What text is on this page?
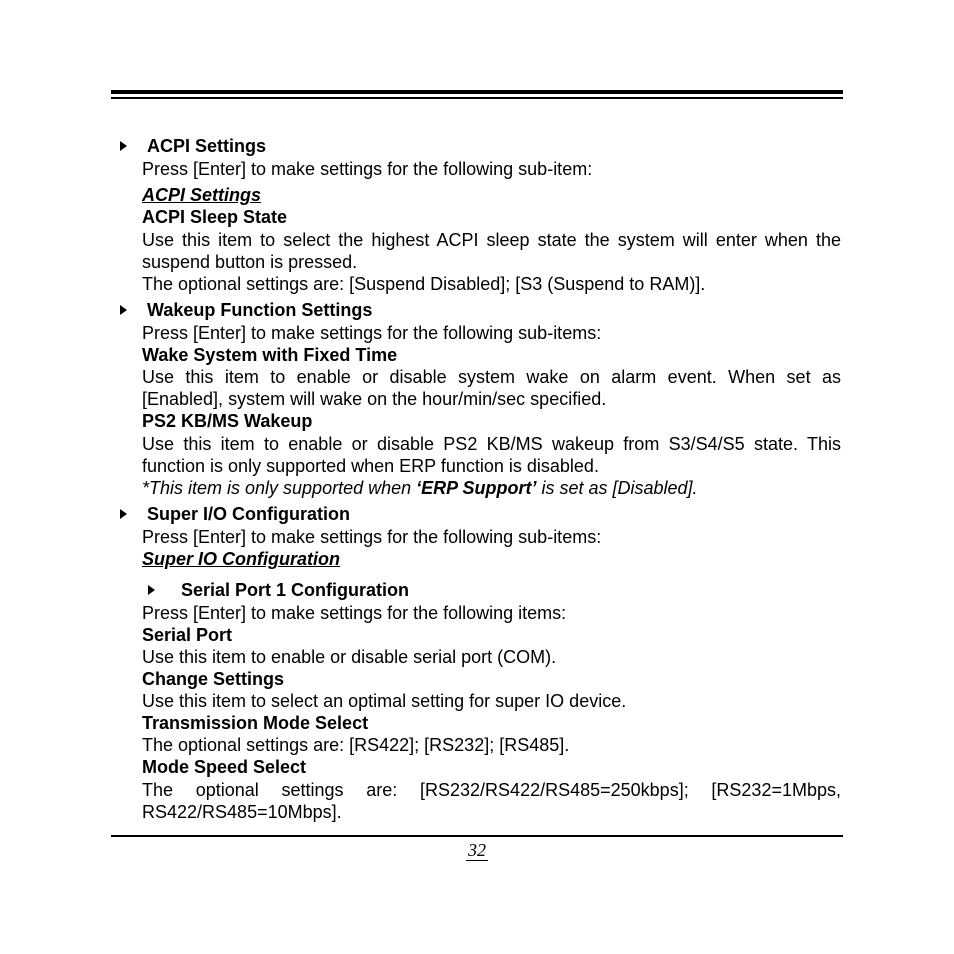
ACPI Settings
Press [Enter] to make settings for the following sub-item:
ACPI Settings
ACPI Sleep State
Use this item to select the highest ACPI sleep state the system will enter when the
suspend button is pressed.
The optional settings are: [Suspend Disabled]; [S3 (Suspend to RAM)].
Wakeup Function Settings
Press [Enter] to make settings for the following sub-items:
Wake System with Fixed Time
Use this item to enable or disable system wake on alarm event. When set as
[Enabled], system will wake on the hour/min/sec specified.
PS2 KB/MS Wakeup
Use this item to enable or disable PS2 KB/MS wakeup from S3/S4/S5 state. This
function is only supported when ERP function is disabled.
*This item is only supported when ‘ERP Support’ is set as [Disabled].
Super I/O Configuration
Press [Enter] to make settings for the following sub-items:
Super IO Configuration
Serial Port 1 Configuration
Press [Enter] to make settings for the following items:
Serial Port
Use this item to enable or disable serial port (COM).
Change Settings
Use this item to select an optimal setting for super IO device.
Transmission Mode Select
The optional settings are: [RS422]; [RS232]; [RS485].
Mode Speed Select
The optional settings are: [RS232/RS422/RS485=250kbps]; [RS232=1Mbps,
RS422/RS485=10Mbps].
32
